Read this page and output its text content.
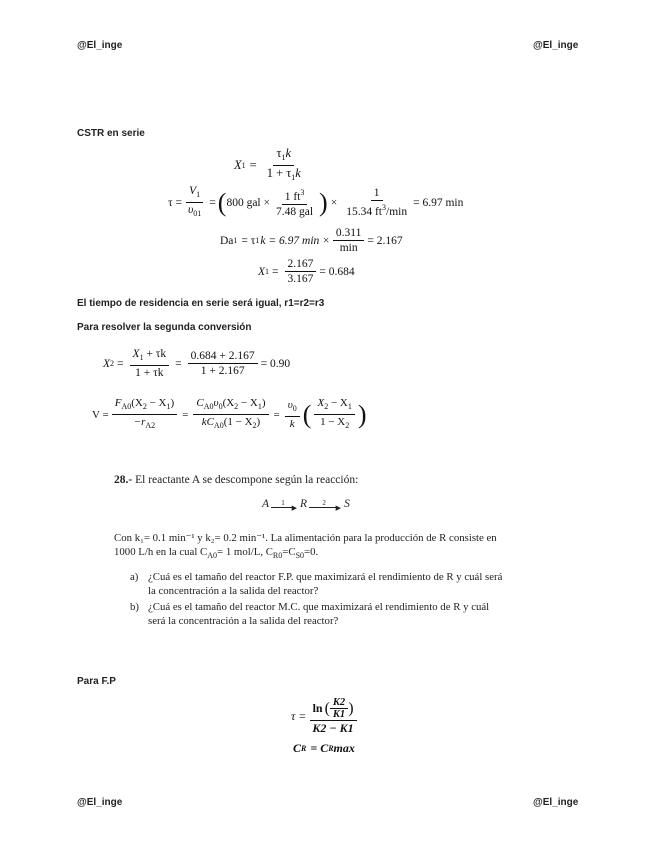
@El_inge	@El_inge
CSTR en serie
X $1 = \frac{\tau_1k}{1 + \tau_1k}$
$\tau = \frac{V_1}{\upsilon_{01}}$ = ( 800 gal × $\frac{1 ft^3}{\text{7.48 gal}}$ ) × $\frac{1}{15.34 ft^3/\min} = 6.97$ min
Da 1 = τ 1 k = 6.97 $\min \times \frac{0.311}{\min} = 2.167$
X $1 = \frac{2.167}{3.167} = 0.684$
El tiempo de residencia en serie será igual, r1=r2=r3
Para resolver la segunda conversión
X $2 = \frac{X_1 + \tau k}{1 + \tau k} = \frac{0.684 + 2.167}{1 + 2.167} = 0.90$
$V = \frac{F_{A0}(X_2 - X_1)}{-r_{A2}} = \frac{C_{A0}\upsilon_0(X_2 - X_1)}{kC_{A0}(1 - X_2)} = \frac{\upsilon_0}{k}$ ( $\frac{X_2 - X_1}{1 - X_2}$ )
28.- El reactante A se descompone según la reacción:
A 1
▶ R 2
▶ S
Con k₁= 0.1 min⁻¹ y k₂= 0.2 min⁻¹. La alimentación para la producción de R consiste en
1000 L/h en la cual $C_{A0}= 1$ mol/L, $C_{R0}=C_{S0}=0$.
a) ¿Cuá es el tamaño del reactor F.P. que maximizará el rendimiento de R y cuál será
la concentración a la salida del reactor?
b) ¿Cuá es el tamaño del reactor M.C. que maximizará el rendimiento de R y cuál
será la concentración a la salida del reactor?
Para F.P
$\tau = \frac{\ln ( \frac{K2}{K1} )}{K2 - K1}$
C R = C R max
@El_inge	@El_inge
